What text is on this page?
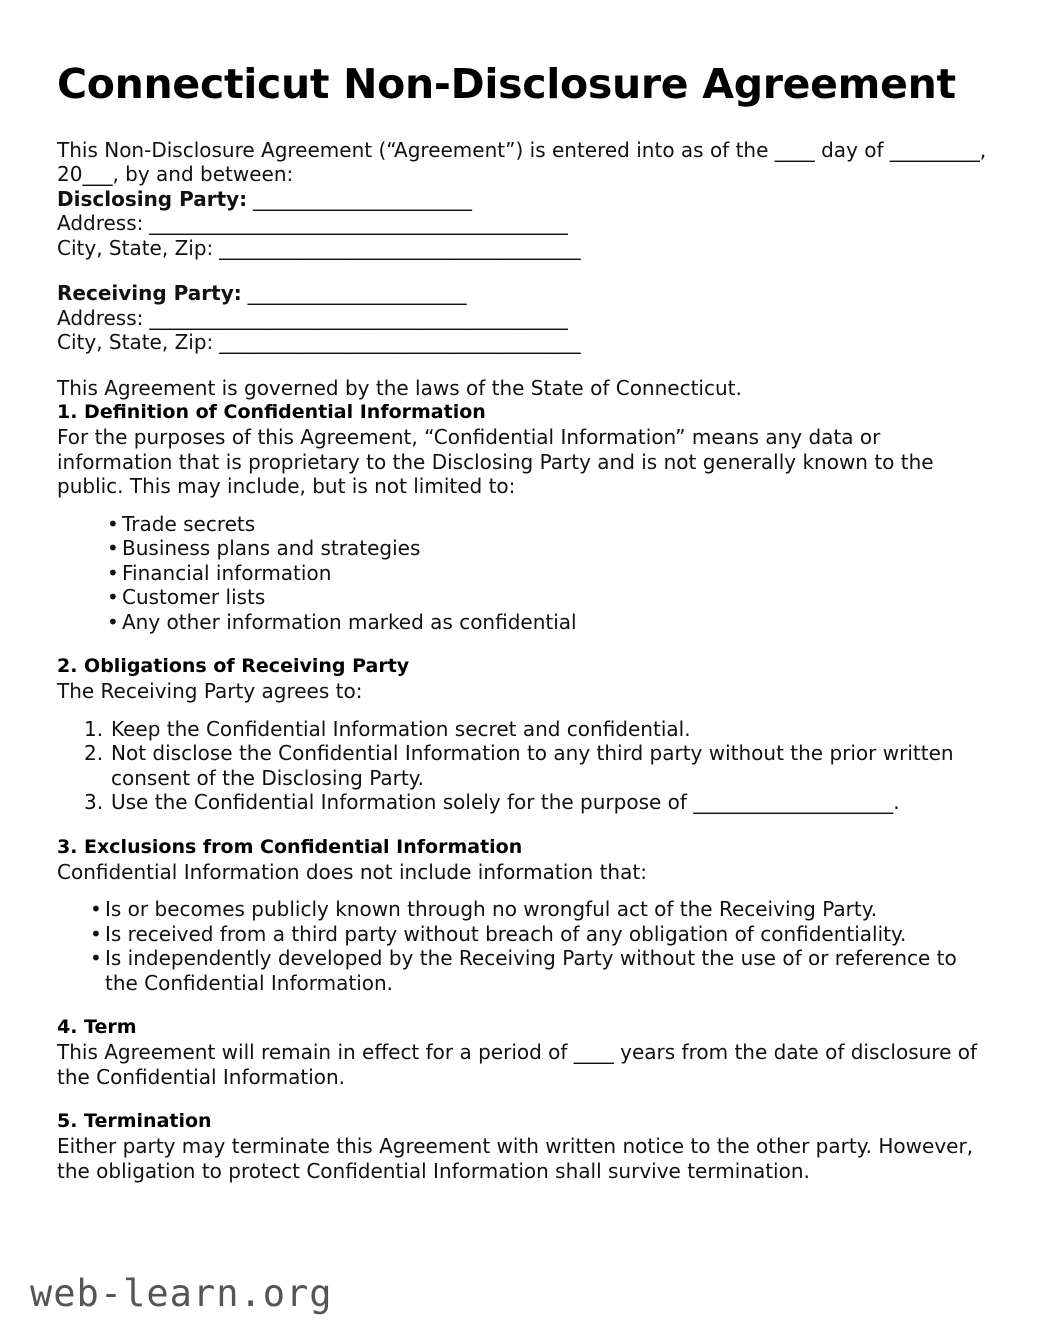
Connecticut Non-Disclosure Agreement

This Non-Disclosure Agreement (“Agreement”) is entered into as of the ____ day of _________, 20___, by and between:

Disclosing Party: _______________________
Address: ____________________________________________
City, State, Zip: ______________________________________
Receiving Party: _______________________
Address: ____________________________________________
City, State, Zip: ______________________________________

This Agreement is governed by the laws of the State of Connecticut.

1. Definition of Confidential Information

For the purposes of this Agreement, “Confidential Information” means any data or information that is proprietary to the Disclosing Party and is not generally known to the public. This may include, but is not limited to:

• Trade secrets
• Business plans and strategies
• Financial information
• Customer lists
• Any other information marked as confidential
2. Obligations of Receiving Party

The Receiving Party agrees to:

Keep the Confidential Information secret and confidential.
Not disclose the Confidential Information to any third party without the prior written consent of the Disclosing Party.
Use the Confidential Information solely for the purpose of ____________________.
3. Exclusions from Confidential Information

Confidential Information does not include information that:

• Is or becomes publicly known through no wrongful act of the Receiving Party.
• Is received from a third party without breach of any obligation of confidentiality.
• Is independently developed by the Receiving Party without the use of or reference to the Confidential Information.
4. Term

This Agreement will remain in effect for a period of ____ years from the date of disclosure of the Confidential Information.

5. Termination

Either party may terminate this Agreement with written notice to the other party. However, the obligation to protect Confidential Information shall survive termination.

web-learn.org
